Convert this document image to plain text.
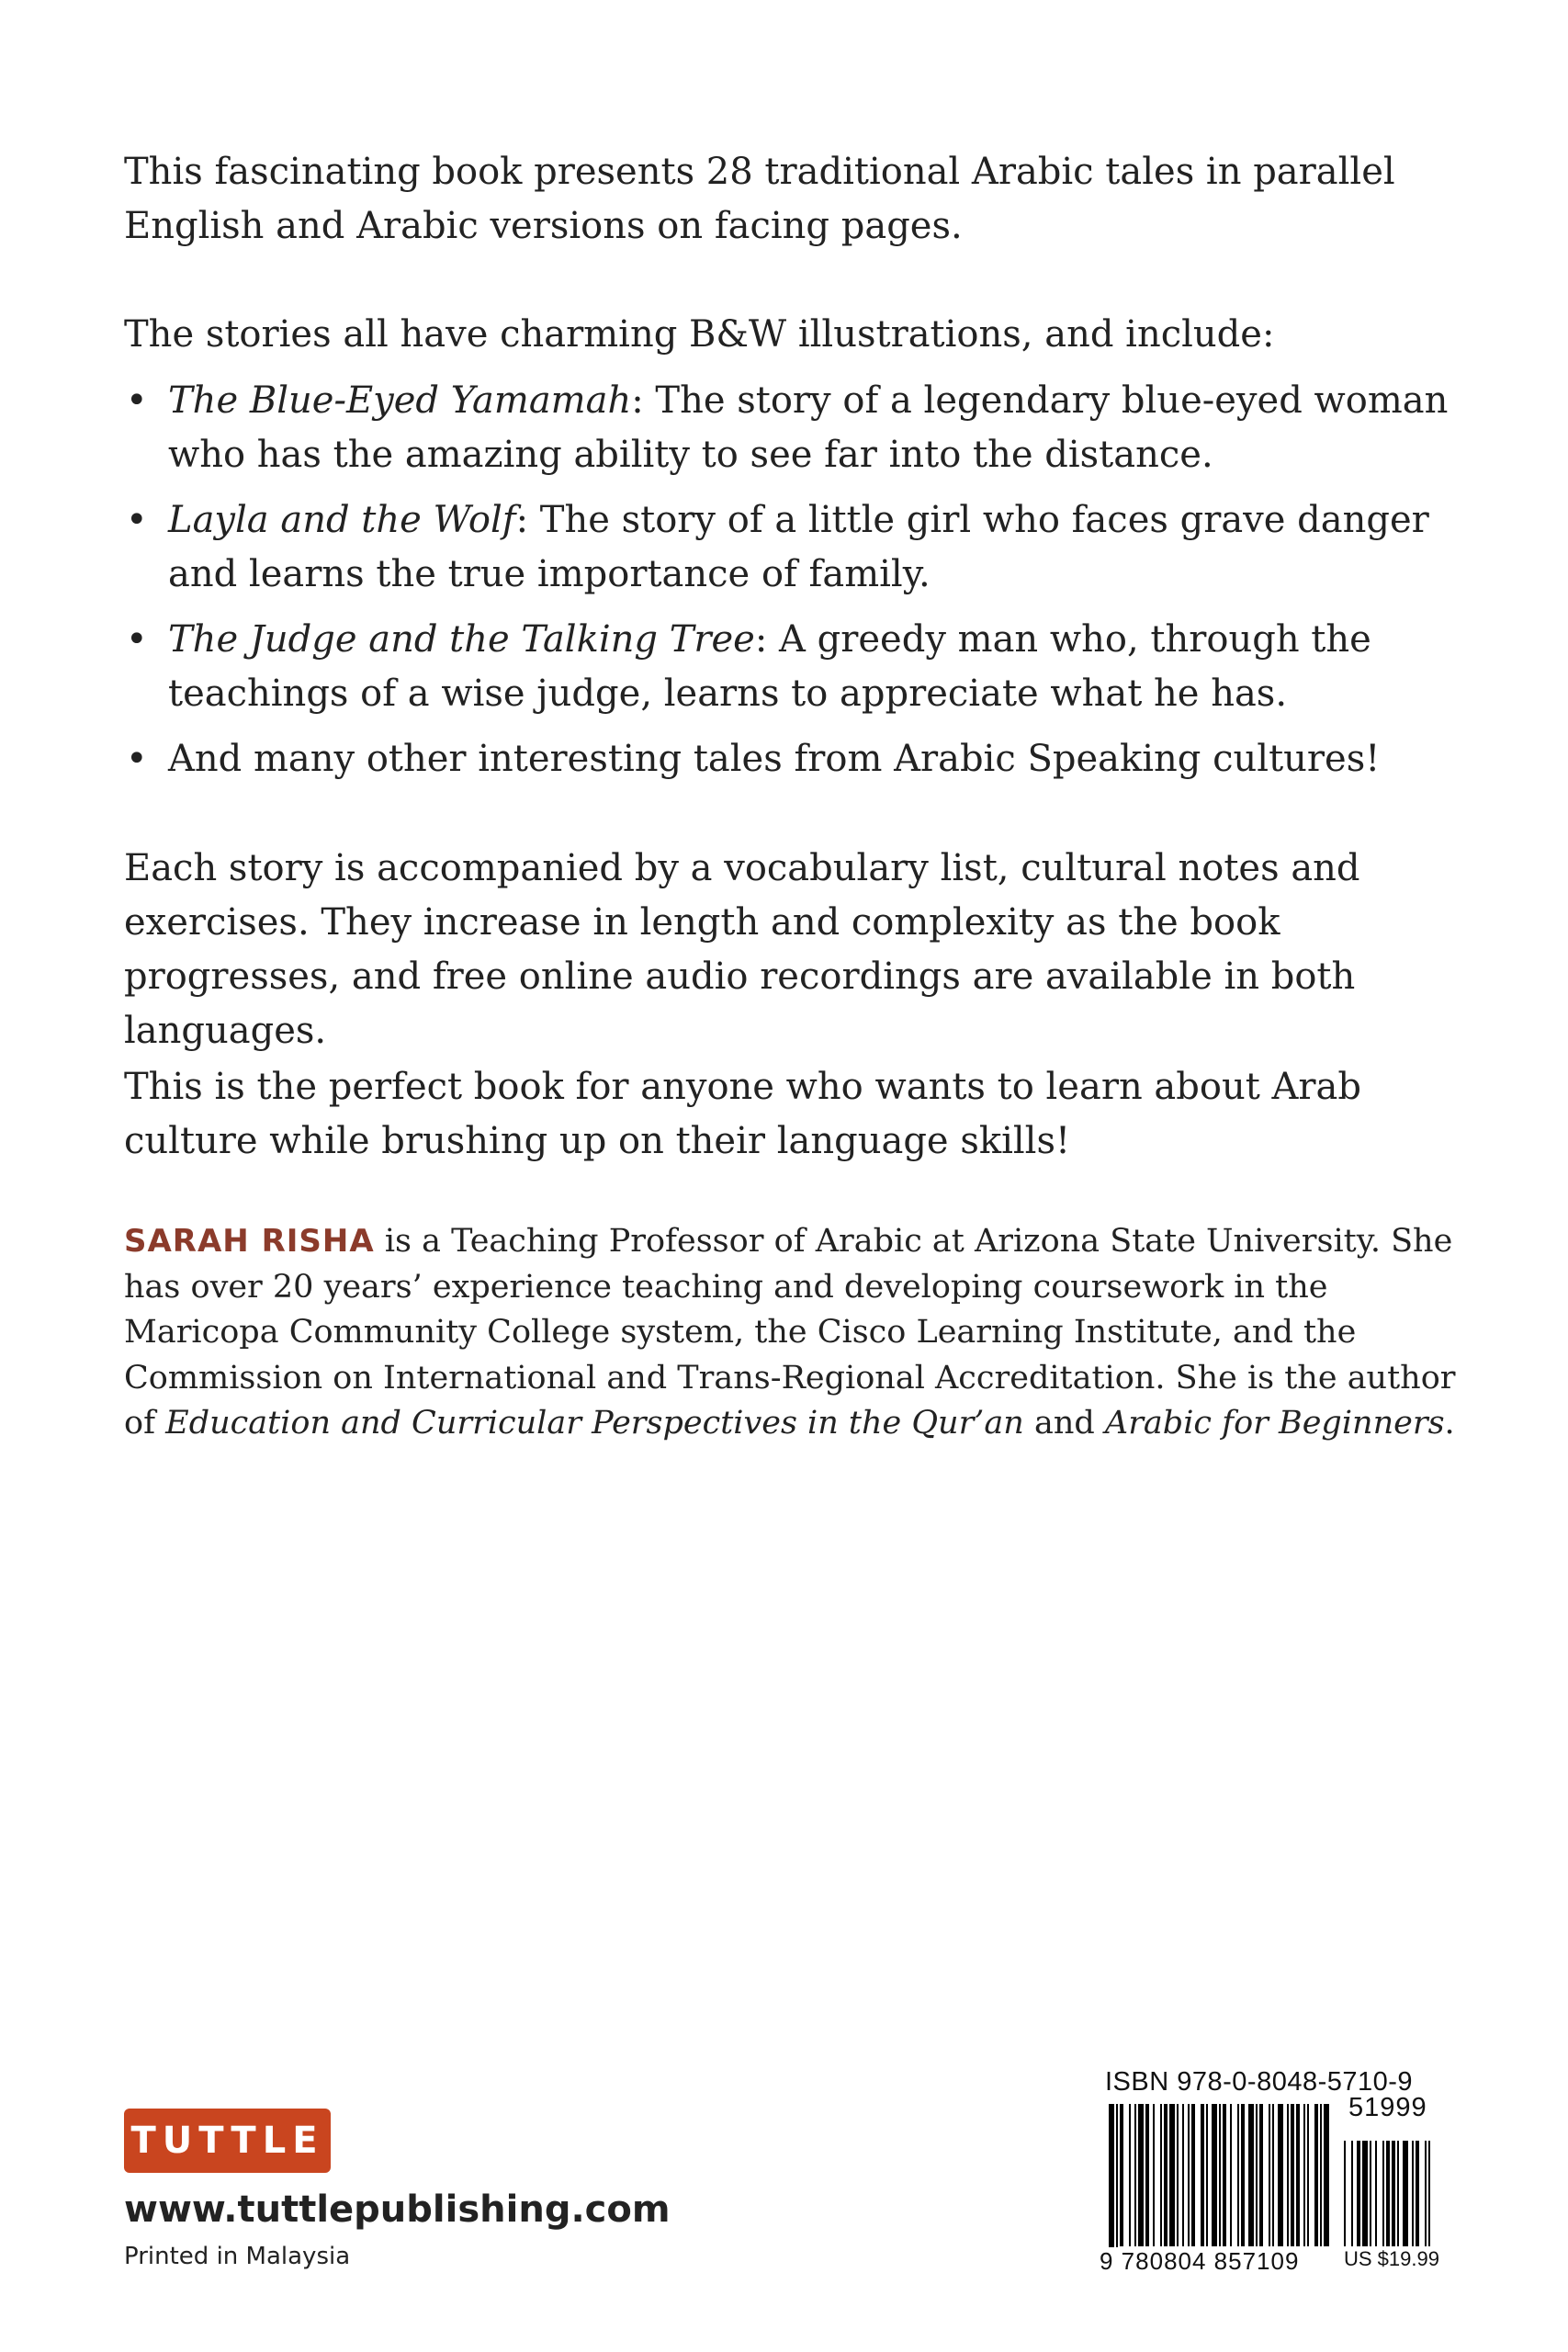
This fascinating book presents 28 traditional Arabic tales in parallel English and Arabic versions on facing pages.

The stories all have charming B&W illustrations, and include:

• The Blue-Eyed Yamamah: The story of a legendary blue-eyed woman who has the amazing ability to see far into the distance.
• Layla and the Wolf: The story of a little girl who faces grave danger and learns the true importance of family.
• The Judge and the Talking Tree: A greedy man who, through the teachings of a wise judge, learns to appreciate what he has.
• And many other interesting tales from Arabic Speaking cultures!

Each story is accompanied by a vocabulary list, cultural notes and exercises. They increase in length and complexity as the book progresses, and free online audio recordings are available in both languages.

This is the perfect book for anyone who wants to learn about Arab culture while brushing up on their language skills!

SARAH RISHA is a Teaching Professor of Arabic at Arizona State University. She has over 20 years’ experience teaching and developing coursework in the Maricopa Community College system, the Cisco Learning Institute, and the Commission on International and Trans-Regional Accreditation. She is the author of Education and Curricular Perspectives in the Qur’an and Arabic for Beginners.

TUTTLE
www.tuttlepublishing.com
Printed in Malaysia
ISBN 978-0-8048-5710-9
51999
9 780804 857109 US $19.99
